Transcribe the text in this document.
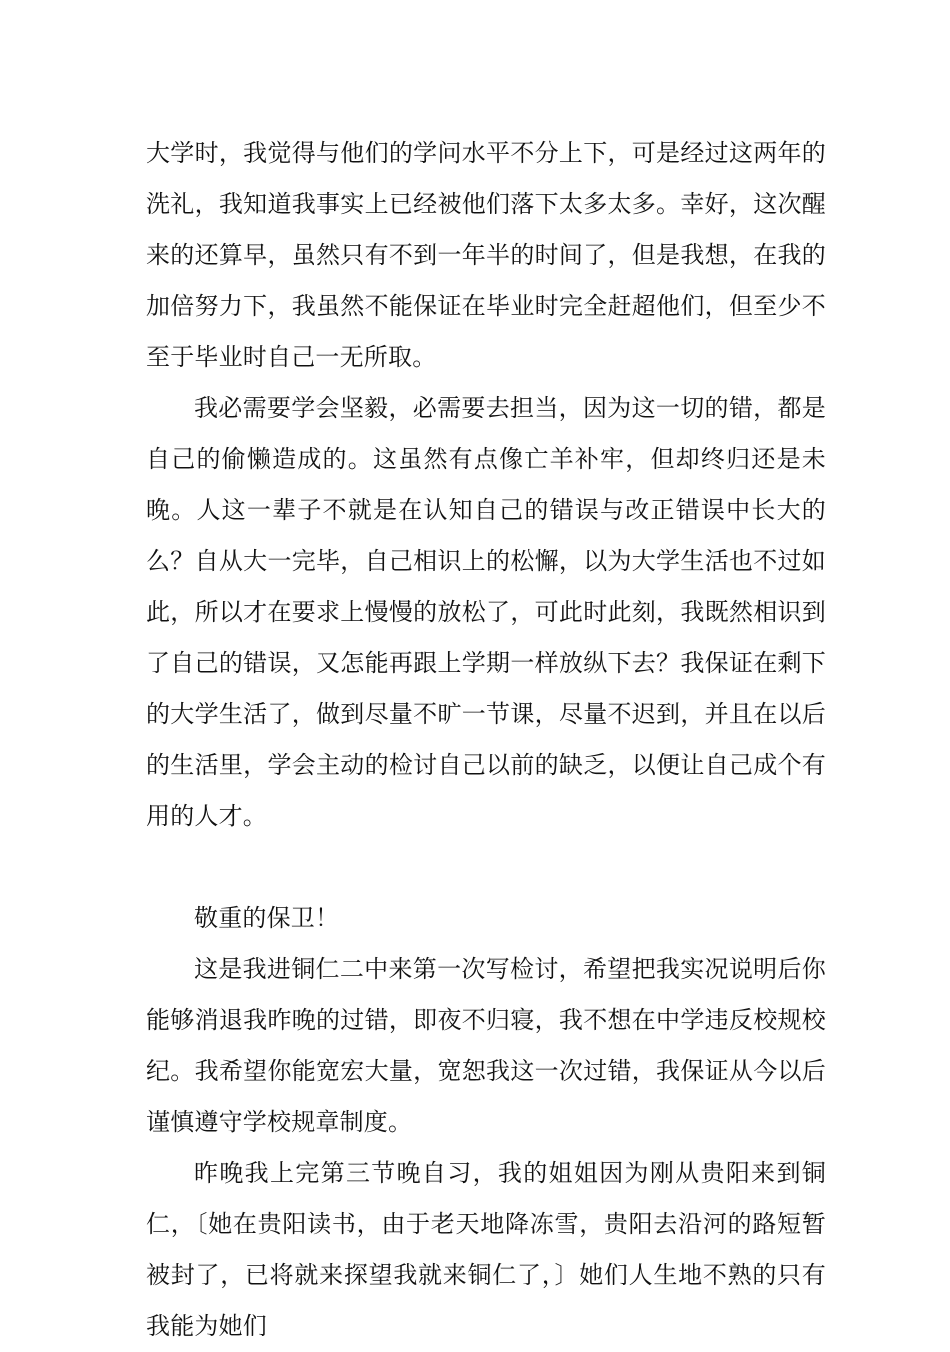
大学时，我觉得与他们的学问水平不分上下，可是经过这两年的洗礼，我知道我事实上已经被他们落下太多太多。幸好，这次醒来的还算早，虽然只有不到一年半的时间了，但是我想，在我的加倍努力下，我虽然不能保证在毕业时完全赶超他们，但至少不至于毕业时自己一无所取。

我必需要学会坚毅，必需要去担当，因为这一切的错，都是自己的偷懒造成的。这虽然有点像亡羊补牢，但却终归还是未晚。人这一辈子不就是在认知自己的错误与改正错误中长大的么？自从大一完毕，自己相识上的松懈，以为大学生活也不过如此，所以才在要求上慢慢的放松了，可此时此刻，我既然相识到了自己的错误，又怎能再跟上学期一样放纵下去？我保证在剩下的大学生活了，做到尽量不旷一节课，尽量不迟到，并且在以后的生活里，学会主动的检讨自己以前的缺乏，以便让自己成个有用的人才。

敬重的保卫！

这是我进铜仁二中来第一次写检讨，希望把我实况说明后你能够消退我昨晚的过错，即夜不归寝，我不想在中学违反校规校纪。我希望你能宽宏大量，宽恕我这一次过错，我保证从今以后谨慎遵守学校规章制度。

昨晚我上完第三节晚自习，我的姐姐因为刚从贵阳来到铜仁，〔她在贵阳读书，由于老天地降冻雪，贵阳去沿河的路短暂被封了，已将就来探望我就来铜仁了，〕她们人生地不熟的只有我能为她们
